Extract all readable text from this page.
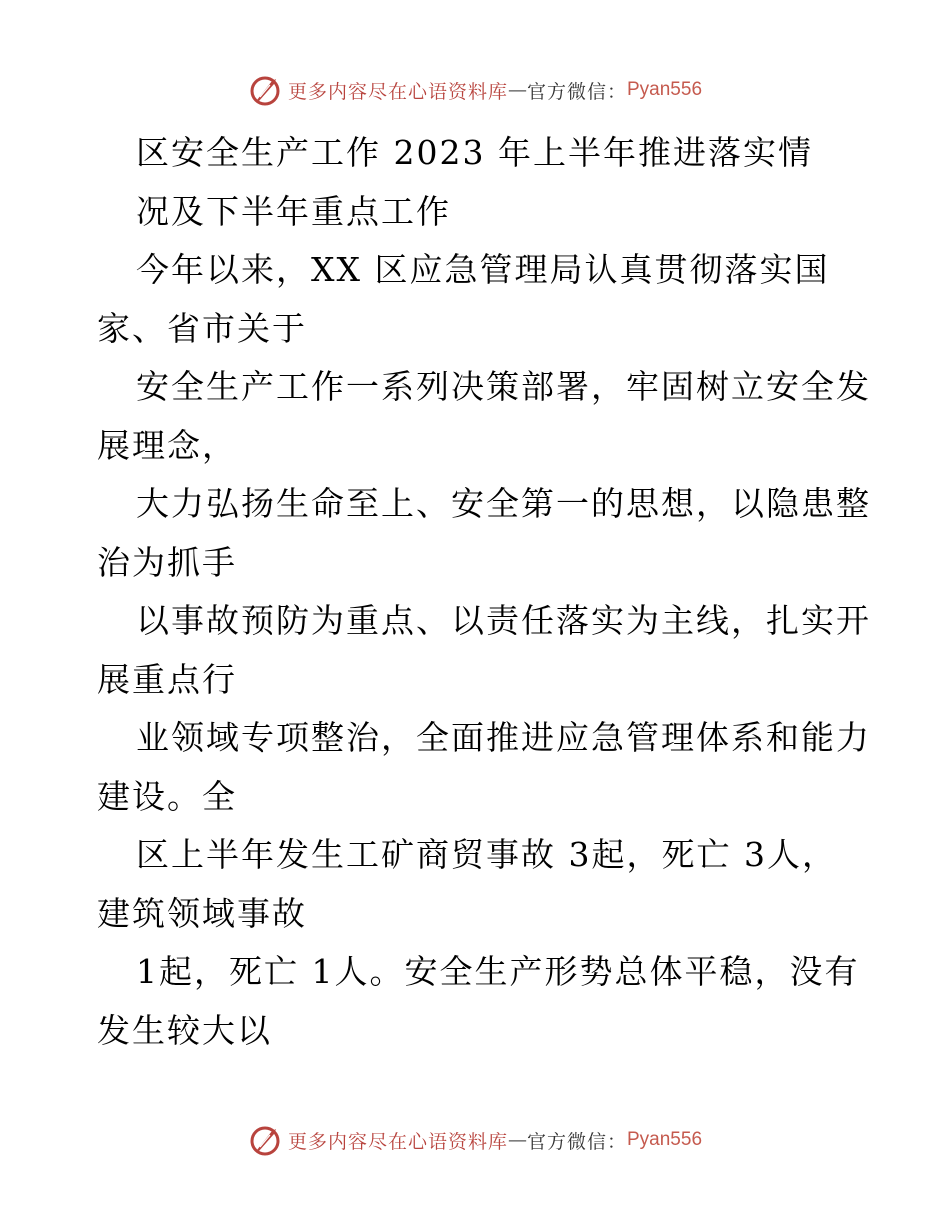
更多内容尽在心语资料库 — 官方微信： Pyan556
区安全生产工作 2023 年上半年推进落实情
况及下半年重点工作
今年以来，XX 区应急管理局认真贯彻落实国
家、省市关于
安全生产工作一系列决策部署，牢固树立安全发
展理念，
大力弘扬生命至上、安全第一的思想，以隐患整
治为抓手
以事故预防为重点、以责任落实为主线，扎实开
展重点行
业领域专项整治，全面推进应急管理体系和能力
建设。全
区上半年发生工矿商贸事故 3起，死亡 3人，
建筑领域事故
1起，死亡 1人。安全生产形势总体平稳，没有
发生较大以
更多内容尽在心语资料库 — 官方微信： Pyan556
